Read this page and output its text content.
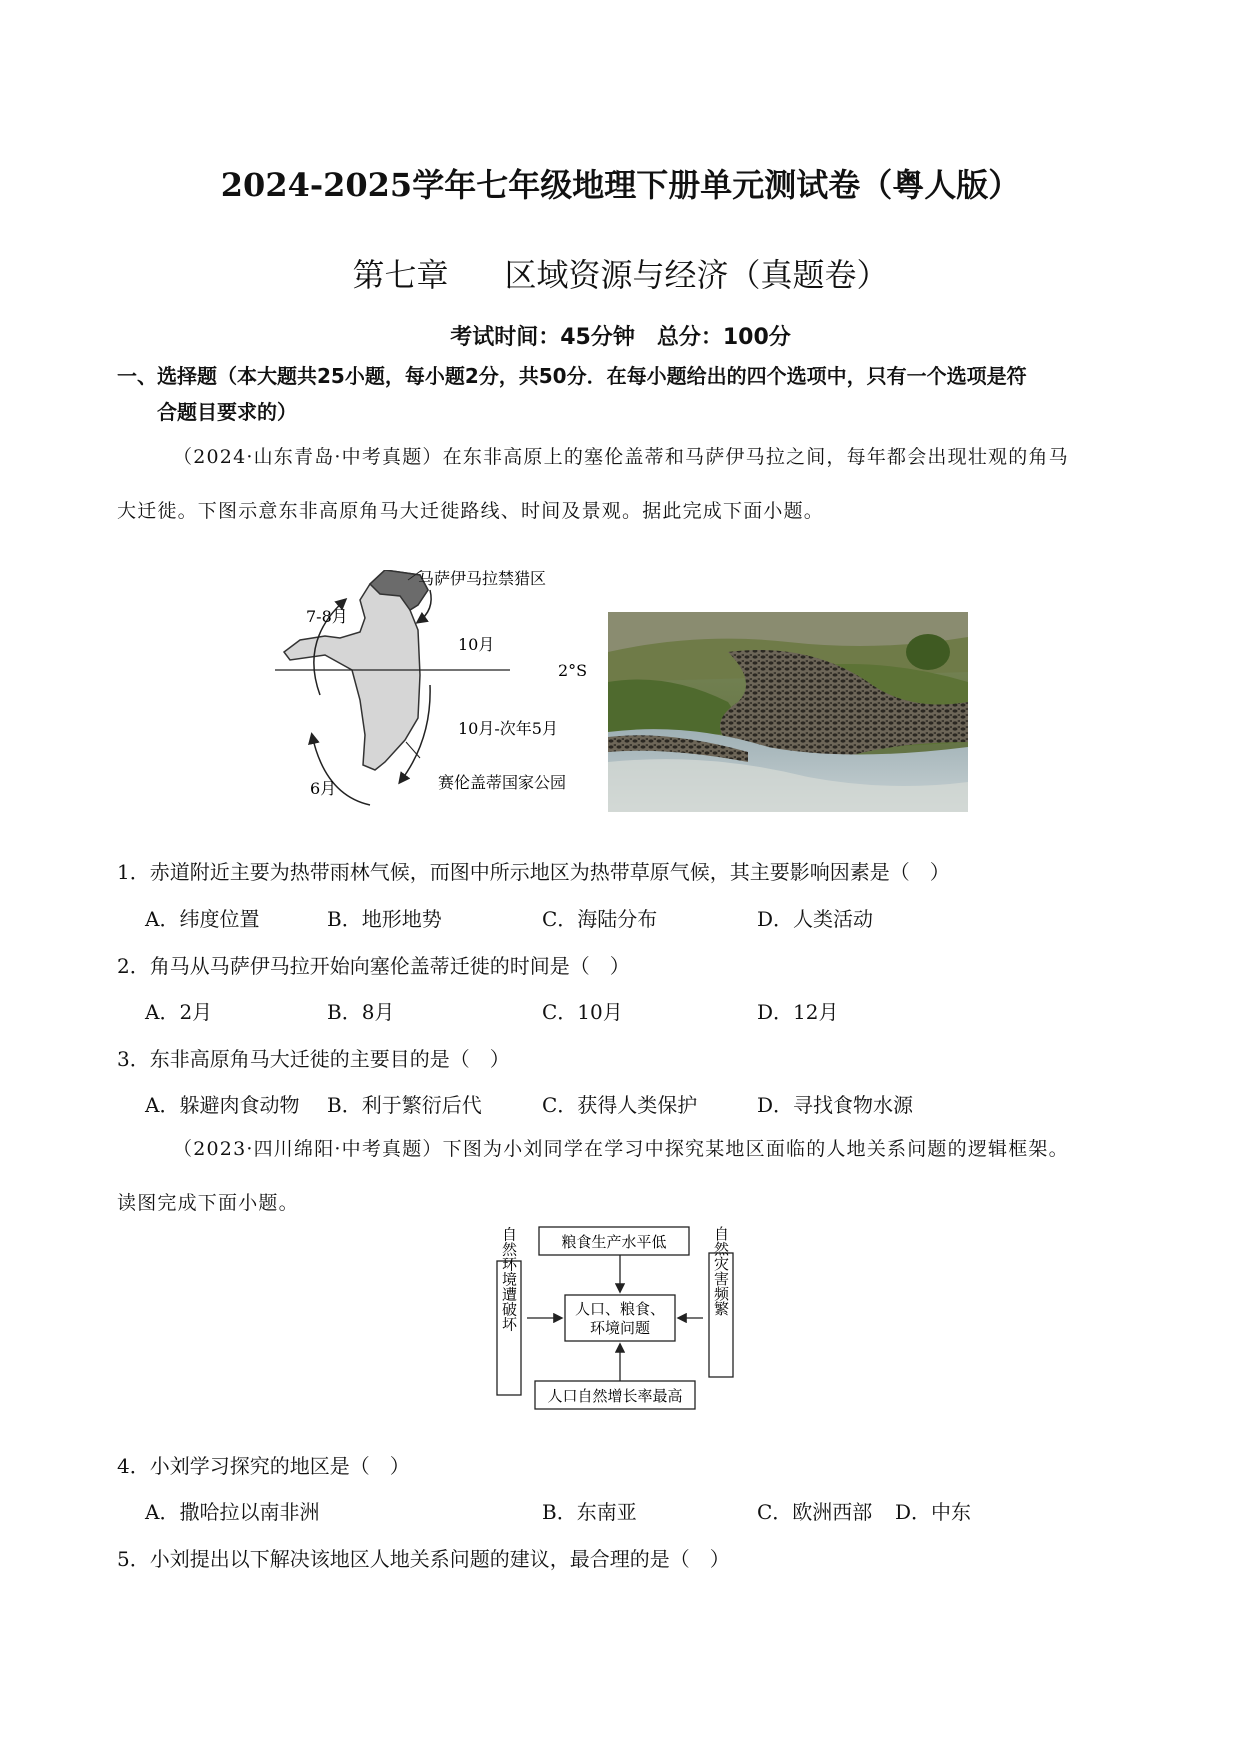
2024-2025学年七年级地理下册单元测试卷（粤人版）
第七章 区域资源与经济（真题卷）
考试时间：45分钟　总分：100分
一、选择题（本大题共25小题，每小题2分，共50分．在每小题给出的四个选项中，只有一个选项是符
合题目要求的）
（2024·山东青岛·中考真题）在东非高原上的塞伦盖蒂和马萨伊马拉之间，每年都会出现壮观的角马
大迁徙。下图示意东非高原角马大迁徙路线、时间及景观。据此完成下面小题。
马萨伊马拉禁猎区
7-8月
10月
2°S
10月-次年5月
6月	赛伦盖蒂国家公园
1．赤道附近主要为热带雨林气候，而图中所示地区为热带草原气候，其主要影响因素是（　）
A．纬度位置	B．地形地势	C．海陆分布	D．人类活动
2．角马从马萨伊马拉开始向塞伦盖蒂迁徙的时间是（　）
A．2月	B．8月	C．10月	D．12月
3．东非高原角马大迁徙的主要目的是（　）
A．躲避肉食动物 B．利于繁衍后代	C．获得人类保护	D．寻找食物水源
（2023·四川绵阳·中考真题）下图为小刘同学在学习中探究某地区面临的人地关系问题的逻辑框架。
读图完成下面小题。
粮食生产水平低
人口、粮食、
环境问题
人口自然增长率最高
自然环境遭破坏	自然灾害频繁
4．小刘学习探究的地区是（　）
A．撒哈拉以南非洲	B．东南亚	C．欧洲西部 D．中东
5．小刘提出以下解决该地区人地关系问题的建议，最合理的是（　）
